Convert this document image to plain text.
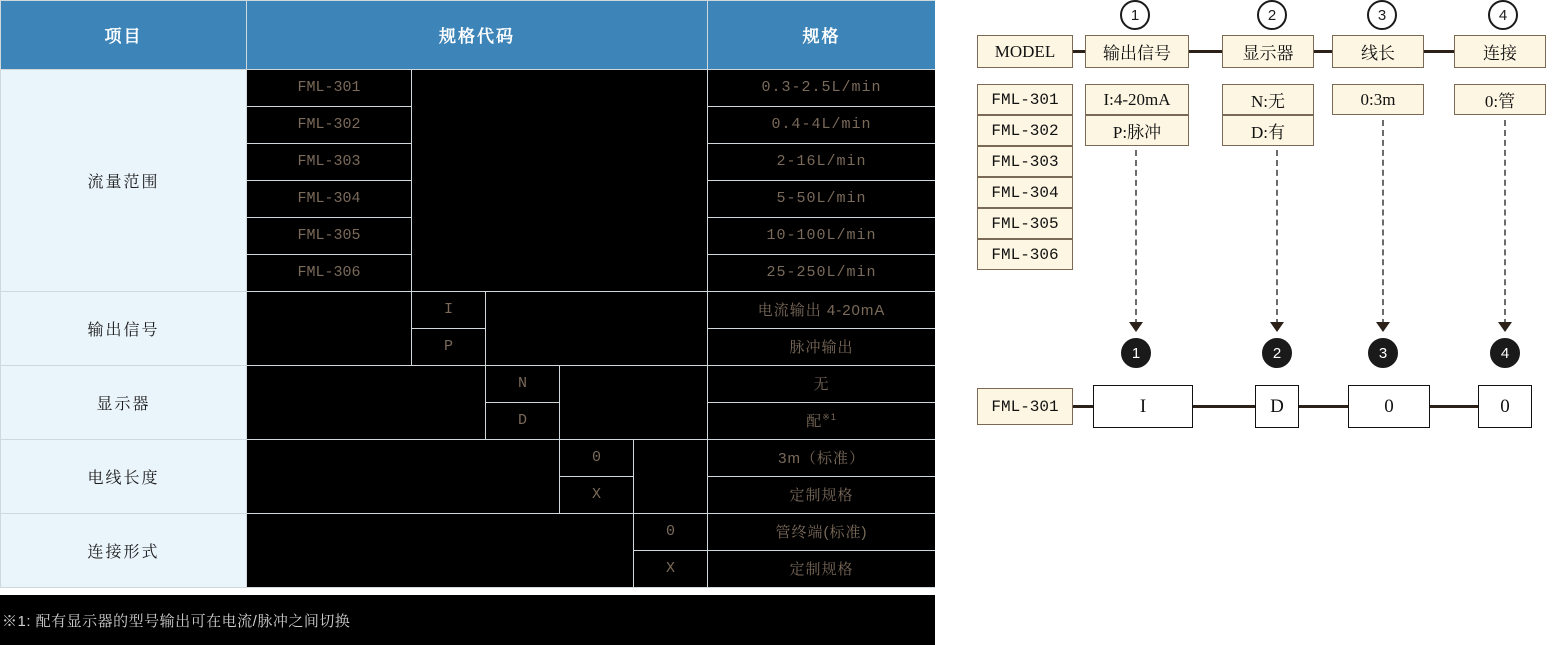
项目	规格代码					规格
流量范围	FML-301					0.3-2.5L/min
	FML-302					0.4-4L/min
	FML-303					2-16L/min
	FML-304					5-50L/min
	FML-305					10-100L/min
	FML-306					25-250L/min
输出信号		I				电流输出 4-20mA
		P				脉冲输出
显示器			N			无
			D			配$^{※1}$
电线长度				0		3m（标准）
				X		定制规格
连接形式					0	管终端(标准)
					X	定制规格
※1: 配有显示器的型号输出可在电流/脉冲之间切换
1	2	3	4
MODEL	输出信号	显示器	线长	连接
FML-301
FML-302
FML-303
FML-304
FML-305
FML-306
I:4-20mA
P:脉冲
N:无
D:有
0:3m	0:管
1	2	3	4
FML-301	I	D	0	0
